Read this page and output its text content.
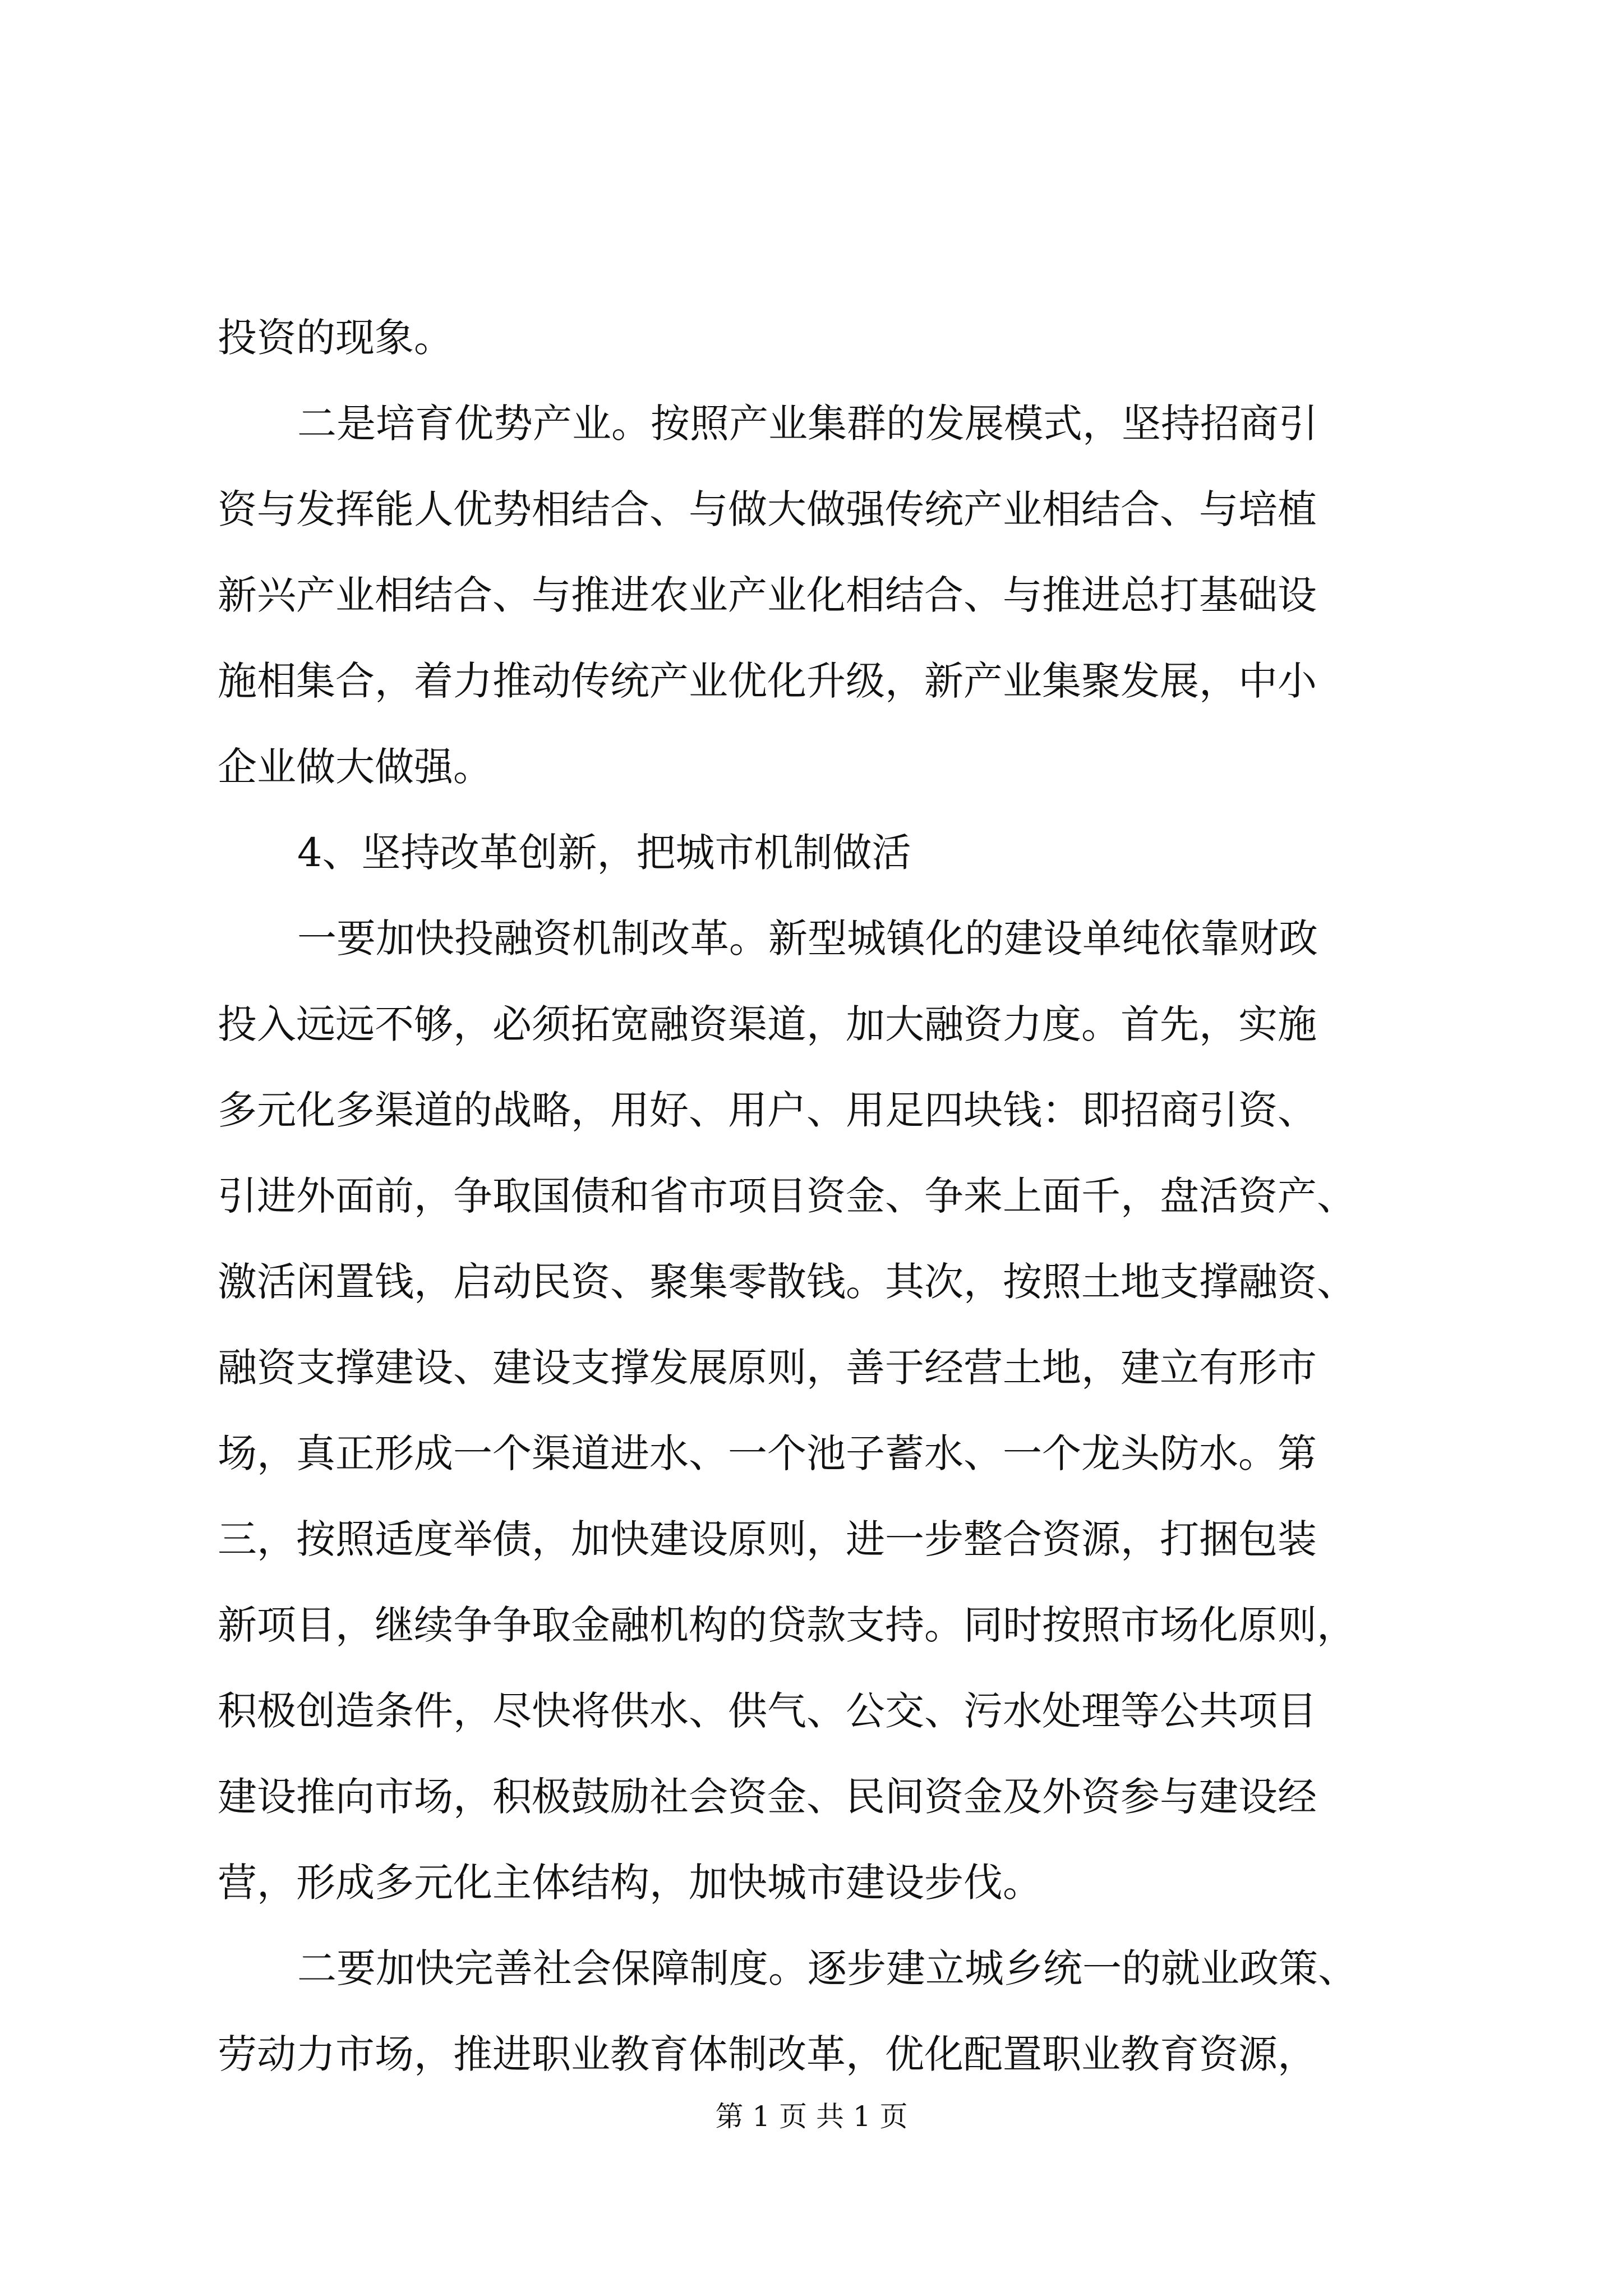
投资的现象。
二是培育优势产业。按照产业集群的发展模式，坚持招商引
资与发挥能人优势相结合、与做大做强传统产业相结合、与培植
新兴产业相结合、与推进农业产业化相结合、与推进总打基础设
施相集合，着力推动传统产业优化升级，新产业集聚发展，中小
企业做大做强。
4、坚持改革创新，把城市机制做活
一要加快投融资机制改革。新型城镇化的建设单纯依靠财政
投入远远不够，必须拓宽融资渠道，加大融资力度。首先，实施
多元化多渠道的战略，用好、用户、用足四块钱：即招商引资、
引进外面前，争取国债和省市项目资金、争来上面千，盘活资产、
激活闲置钱，启动民资、聚集零散钱。其次，按照土地支撑融资、
融资支撑建设、建设支撑发展原则，善于经营土地，建立有形市
场，真正形成一个渠道进水、一个池子蓄水、一个龙头防水。第
三，按照适度举债，加快建设原则，进一步整合资源，打捆包装
新项目，继续争争取金融机构的贷款支持。同时按照市场化原则，
积极创造条件，尽快将供水、供气、公交、污水处理等公共项目
建设推向市场，积极鼓励社会资金、民间资金及外资参与建设经
营，形成多元化主体结构，加快城市建设步伐。
二要加快完善社会保障制度。逐步建立城乡统一的就业政策、
劳动力市场，推进职业教育体制改革，优化配置职业教育资源，
第 1 页 共 1 页
